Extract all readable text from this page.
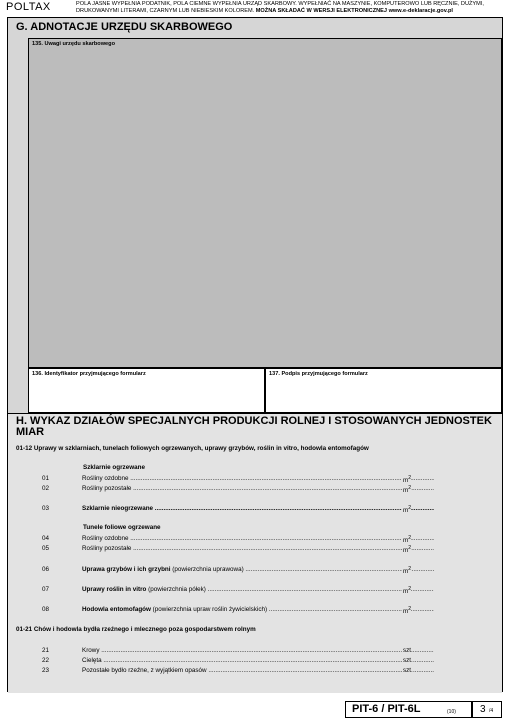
POLTAX	POLA JASNE WYPEŁNIA PODATNIK, POLA CIEMNE WYPEŁNIA URZĄD SKARBOWY. WYPEŁNIAĆ NA MASZYNIE, KOMPUTEROWO LUB RĘCZNIE, DUŻYMI,
DRUKOWANYMI LITERAMI, CZARNYM LUB NIEBIESKIM KOLOREM. MOŻNA SKŁADAĆ W WERSJI ELEKTRONICZNEJ www.e-deklaracje.gov.pl
G. ADNOTACJE URZĘDU SKARBOWEGO
135. Uwagi urzędu skarbowego
136. Identyfikator przyjmującego formularz	137. Podpis przyjmującego formularz
H. WYKAZ DZIAŁÓW SPECJALNYCH PRODUKCJI ROLNEJ I STOSOWANYCH JEDNOSTEK MIAR
01-12 Uprawy w szklarniach, tunelach foliowych ogrzewanych, uprawy grzybów, roślin in vitro, hodowla entomofagów
Szklarnie ogrzewane
01	Rośliny ozdobne .....	$m^2$
02	Rośliny pozostałe .....	$m^2$
03	Szklarnie nieogrzewane .....	$m^2$
Tunele foliowe ogrzewane
04	Rośliny ozdobne .....	$m^2$
05	Rośliny pozostałe .....	$m^2$
06	Uprawa grzybów i ich grzybni (powierzchnia uprawowa) .....	$m^2$
07	Uprawy roślin in vitro (powierzchnia półek) .....	$m^2$
08	Hodowla entomofagów (powierzchnia upraw roślin żywicielskich) .....	$m^2$
01-21 Chów i hodowla bydła rzeźnego i mlecznego poza gospodarstwem rolnym
21	Krowy .....	szt.
22	Cielęta .....	szt.
23	Pozostałe bydło rzeźne, z wyjątkiem opasów .....	szt.
PIT-6 / PIT-6L	(10) 3 /4
